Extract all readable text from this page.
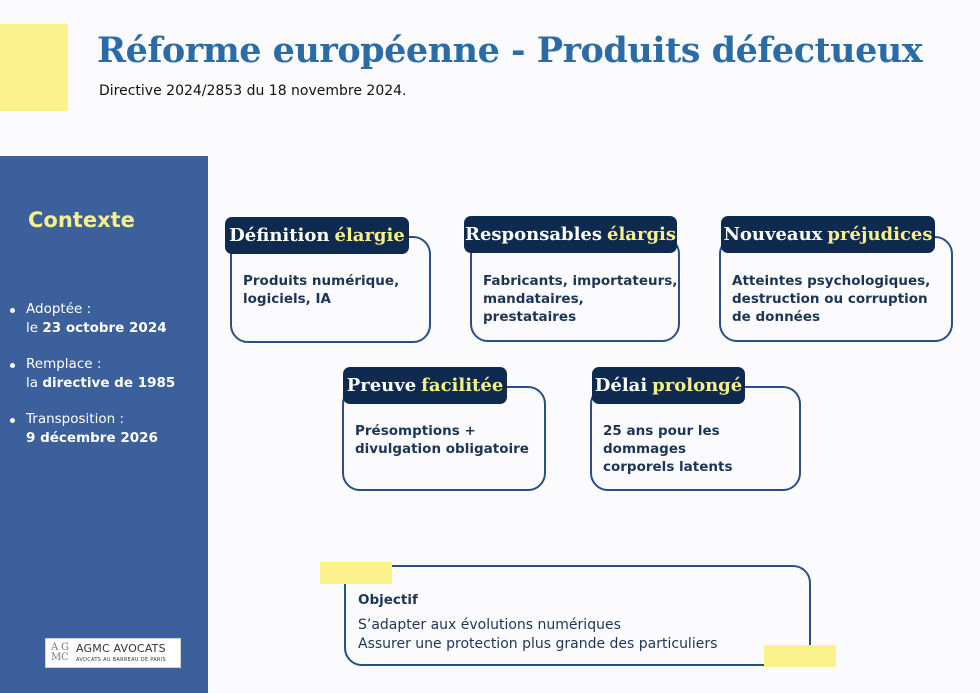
Réforme européenne - Produits défectueux
Directive 2024/2853 du 18 novembre 2024.
Contexte
Adoptée :
le 23 octobre 2024
Remplace :
la directive de 1985
Transposition :
9 décembre 2026
A G
M C
AGMC AVOCATS
AVOCATS AU BARREAU DE PARIS
Produits numérique,
logiciels, IA
Définition élargie
Fabricants, importateurs,
mandataires, prestataires
Responsables élargis
Atteintes psychologiques,
destruction ou corruption
de données
Nouveaux préjudices
Présomptions +
divulgation obligatoire
Preuve facilitée
25 ans pour les dommages
corporels latents
Délai prolongé
Objectif
S’adapter aux évolutions numériques
Assurer une protection plus grande des particuliers
